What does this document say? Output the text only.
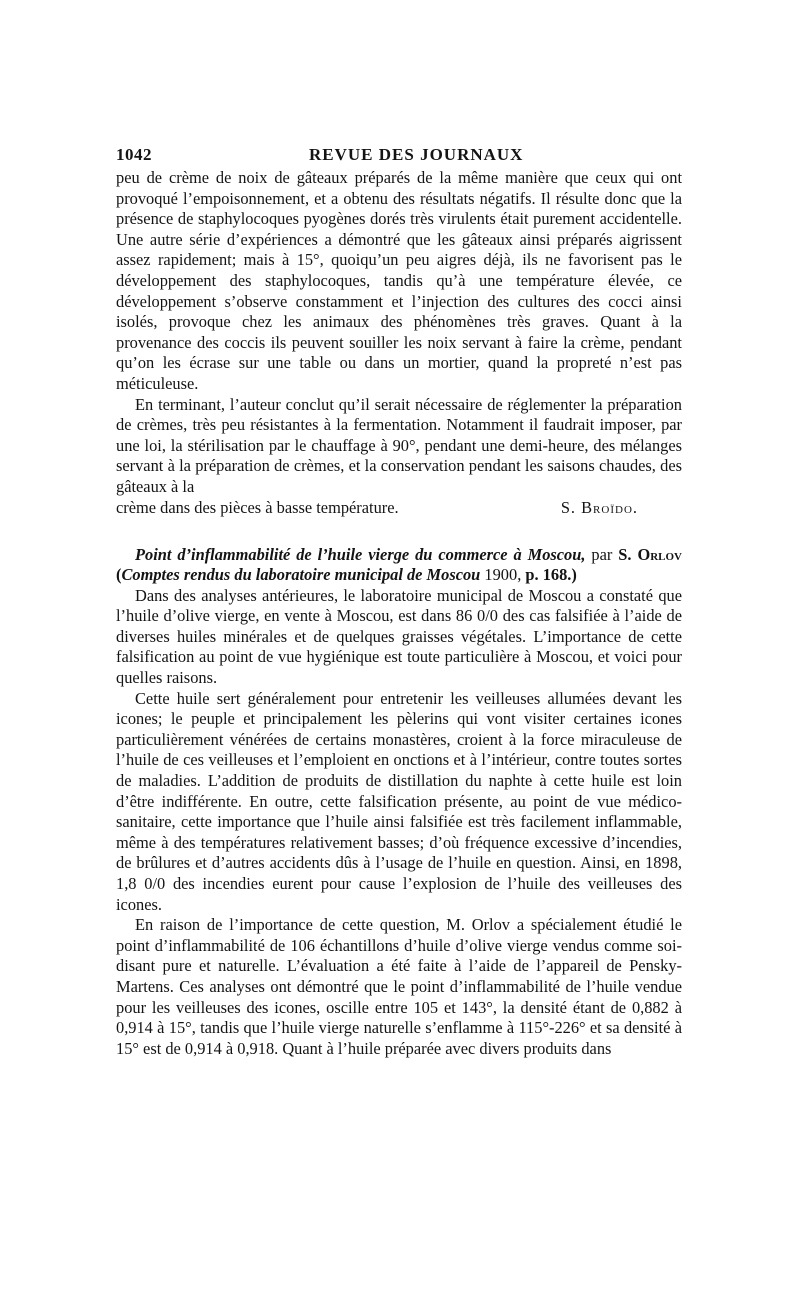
1042	REVUE DES JOURNAUX

peu de crème de noix de gâteaux préparés de la même manière que ceux qui ont provoqué l’empoisonnement, et a obtenu des résultats négatifs. Il résulte donc que la présence de staphylocoques pyogènes dorés très virulents était purement accidentelle. Une autre série d’expériences a démontré que les gâteaux ainsi préparés aigrissent assez rapidement; mais à 15°, quoiqu’un peu aigres déjà, ils ne favorisent pas le développement des staphylocoques, tandis qu’à une température élevée, ce développement s’observe constamment et l’injection des cultures des cocci ainsi isolés, provoque chez les animaux des phénomènes très graves. Quant à la provenance des coccis ils peuvent souiller les noix servant à faire la crème, pendant qu’on les écrase sur une table ou dans un mortier, quand la propreté n’est pas méticuleuse.

En terminant, l’auteur conclut qu’il serait nécessaire de réglementer la préparation de crèmes, très peu résistantes à la fermentation. Notamment il faudrait imposer, par une loi, la stérilisation par le chauffage à 90°, pendant une demi-heure, des mélanges servant à la préparation de crèmes, et la conservation pendant les saisons chaudes, des gâteaux à la

crème dans des pièces à basse température.	S. Broïdo.

Point d’inflammabilité de l’huile vierge du commerce à Moscou, par S. Orlov (Comptes rendus du laboratoire municipal de Moscou 1900, p. 168.)

Dans des analyses antérieures, le laboratoire municipal de Moscou a constaté que l’huile d’olive vierge, en vente à Moscou, est dans 86 0/0 des cas falsifiée à l’aide de diverses huiles minérales et de quelques graisses végétales. L’importance de cette falsification au point de vue hygiénique est toute particulière à Moscou, et voici pour quelles raisons.

Cette huile sert généralement pour entretenir les veilleuses allumées devant les icones; le peuple et principalement les pèlerins qui vont visiter certaines icones particulièrement vénérées de certains monastères, croient à la force miraculeuse de l’huile de ces veilleuses et l’emploient en onctions et à l’intérieur, contre toutes sortes de maladies. L’addition de produits de distillation du naphte à cette huile est loin d’être indifférente. En outre, cette falsification présente, au point de vue médico-sanitaire, cette importance que l’huile ainsi falsifiée est très facilement inflammable, même à des températures relativement basses; d’où fréquence excessive d’incendies, de brûlures et d’autres accidents dûs à l’usage de l’huile en question. Ainsi, en 1898, 1,8 0/0 des incendies eurent pour cause l’explosion de l’huile des veilleuses des icones.

En raison de l’importance de cette question, M. Orlov a spécialement étudié le point d’inflammabilité de 106 échantillons d’huile d’olive vierge vendus comme soi-disant pure et naturelle. L’évaluation a été faite à l’aide de l’appareil de Pensky-Martens. Ces analyses ont démontré que le point d’inflammabilité de l’huile vendue pour les veilleuses des icones, oscille entre 105 et 143°, la densité étant de 0,882 à 0,914 à 15°, tandis que l’huile vierge naturelle s’enflamme à 115°-226° et sa densité à 15° est de 0,914 à 0,918. Quant à l’huile préparée avec divers produits dans
